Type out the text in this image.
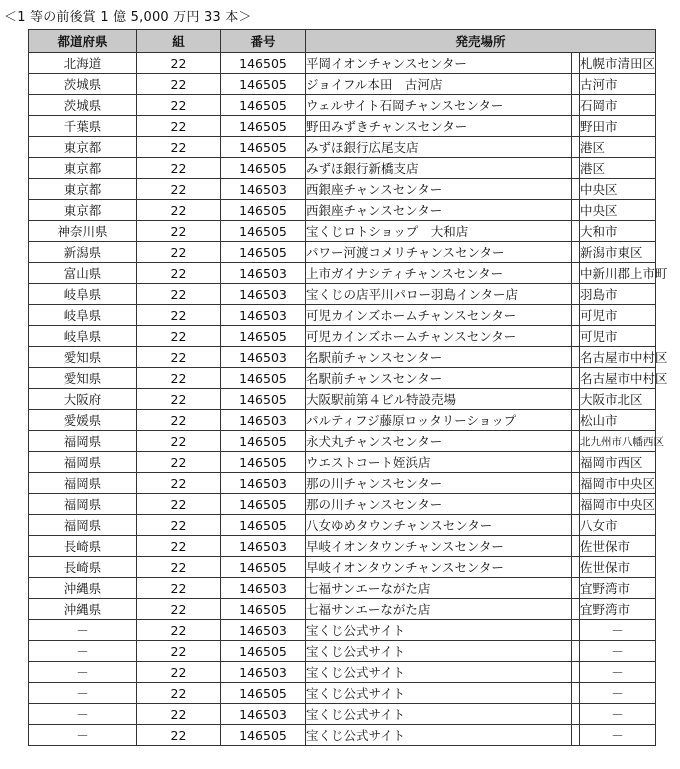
＜1 等の前後賞 1 億 5,000 万円 33 本＞
都道府県	組	番号	発売場所		
北海道	22	146505	平岡イオンチャンスセンター		札幌市清田区
茨城県	22	146505	ジョイフル本田　古河店		古河市
茨城県	22	146505	ウェルサイト石岡チャンスセンター		石岡市
千葉県	22	146505	野田みずきチャンスセンター		野田市
東京都	22	146505	みずほ銀行広尾支店		港区
東京都	22	146505	みずほ銀行新橋支店		港区
東京都	22	146503	西銀座チャンスセンター		中央区
東京都	22	146505	西銀座チャンスセンター		中央区
神奈川県	22	146505	宝くじロトショップ　大和店		大和市
新潟県	22	146505	パワー河渡コメリチャンスセンター		新潟市東区
富山県	22	146503	上市ガイナシティチャンスセンター		中新川郡上市町
岐阜県	22	146503	宝くじの店平川パロー羽島インター店		羽島市
岐阜県	22	146503	可児カインズホームチャンスセンター		可児市
岐阜県	22	146505	可児カインズホームチャンスセンター		可児市
愛知県	22	146503	名駅前チャンスセンター		名古屋市中村区
愛知県	22	146505	名駅前チャンスセンター		名古屋市中村区
大阪府	22	146505	大阪駅前第４ビル特設売場		大阪市北区
愛媛県	22	146503	パルティフジ藤原ロッタリーショップ		松山市
福岡県	22	146505	永犬丸チャンスセンター		北九州市八幡西区
福岡県	22	146505	ウエストコート姪浜店		福岡市西区
福岡県	22	146503	那の川チャンスセンター		福岡市中央区
福岡県	22	146505	那の川チャンスセンター		福岡市中央区
福岡県	22	146505	八女ゆめタウンチャンスセンター		八女市
長崎県	22	146503	早岐イオンタウンチャンスセンター		佐世保市
長崎県	22	146505	早岐イオンタウンチャンスセンター		佐世保市
沖縄県	22	146503	七福サンエーながた店		宜野湾市
沖縄県	22	146505	七福サンエーながた店		宜野湾市
－	22	146503	宝くじ公式サイト		－
－	22	146505	宝くじ公式サイト		－
－	22	146503	宝くじ公式サイト		－
－	22	146505	宝くじ公式サイト		－
－	22	146503	宝くじ公式サイト		－
－	22	146505	宝くじ公式サイト		－
